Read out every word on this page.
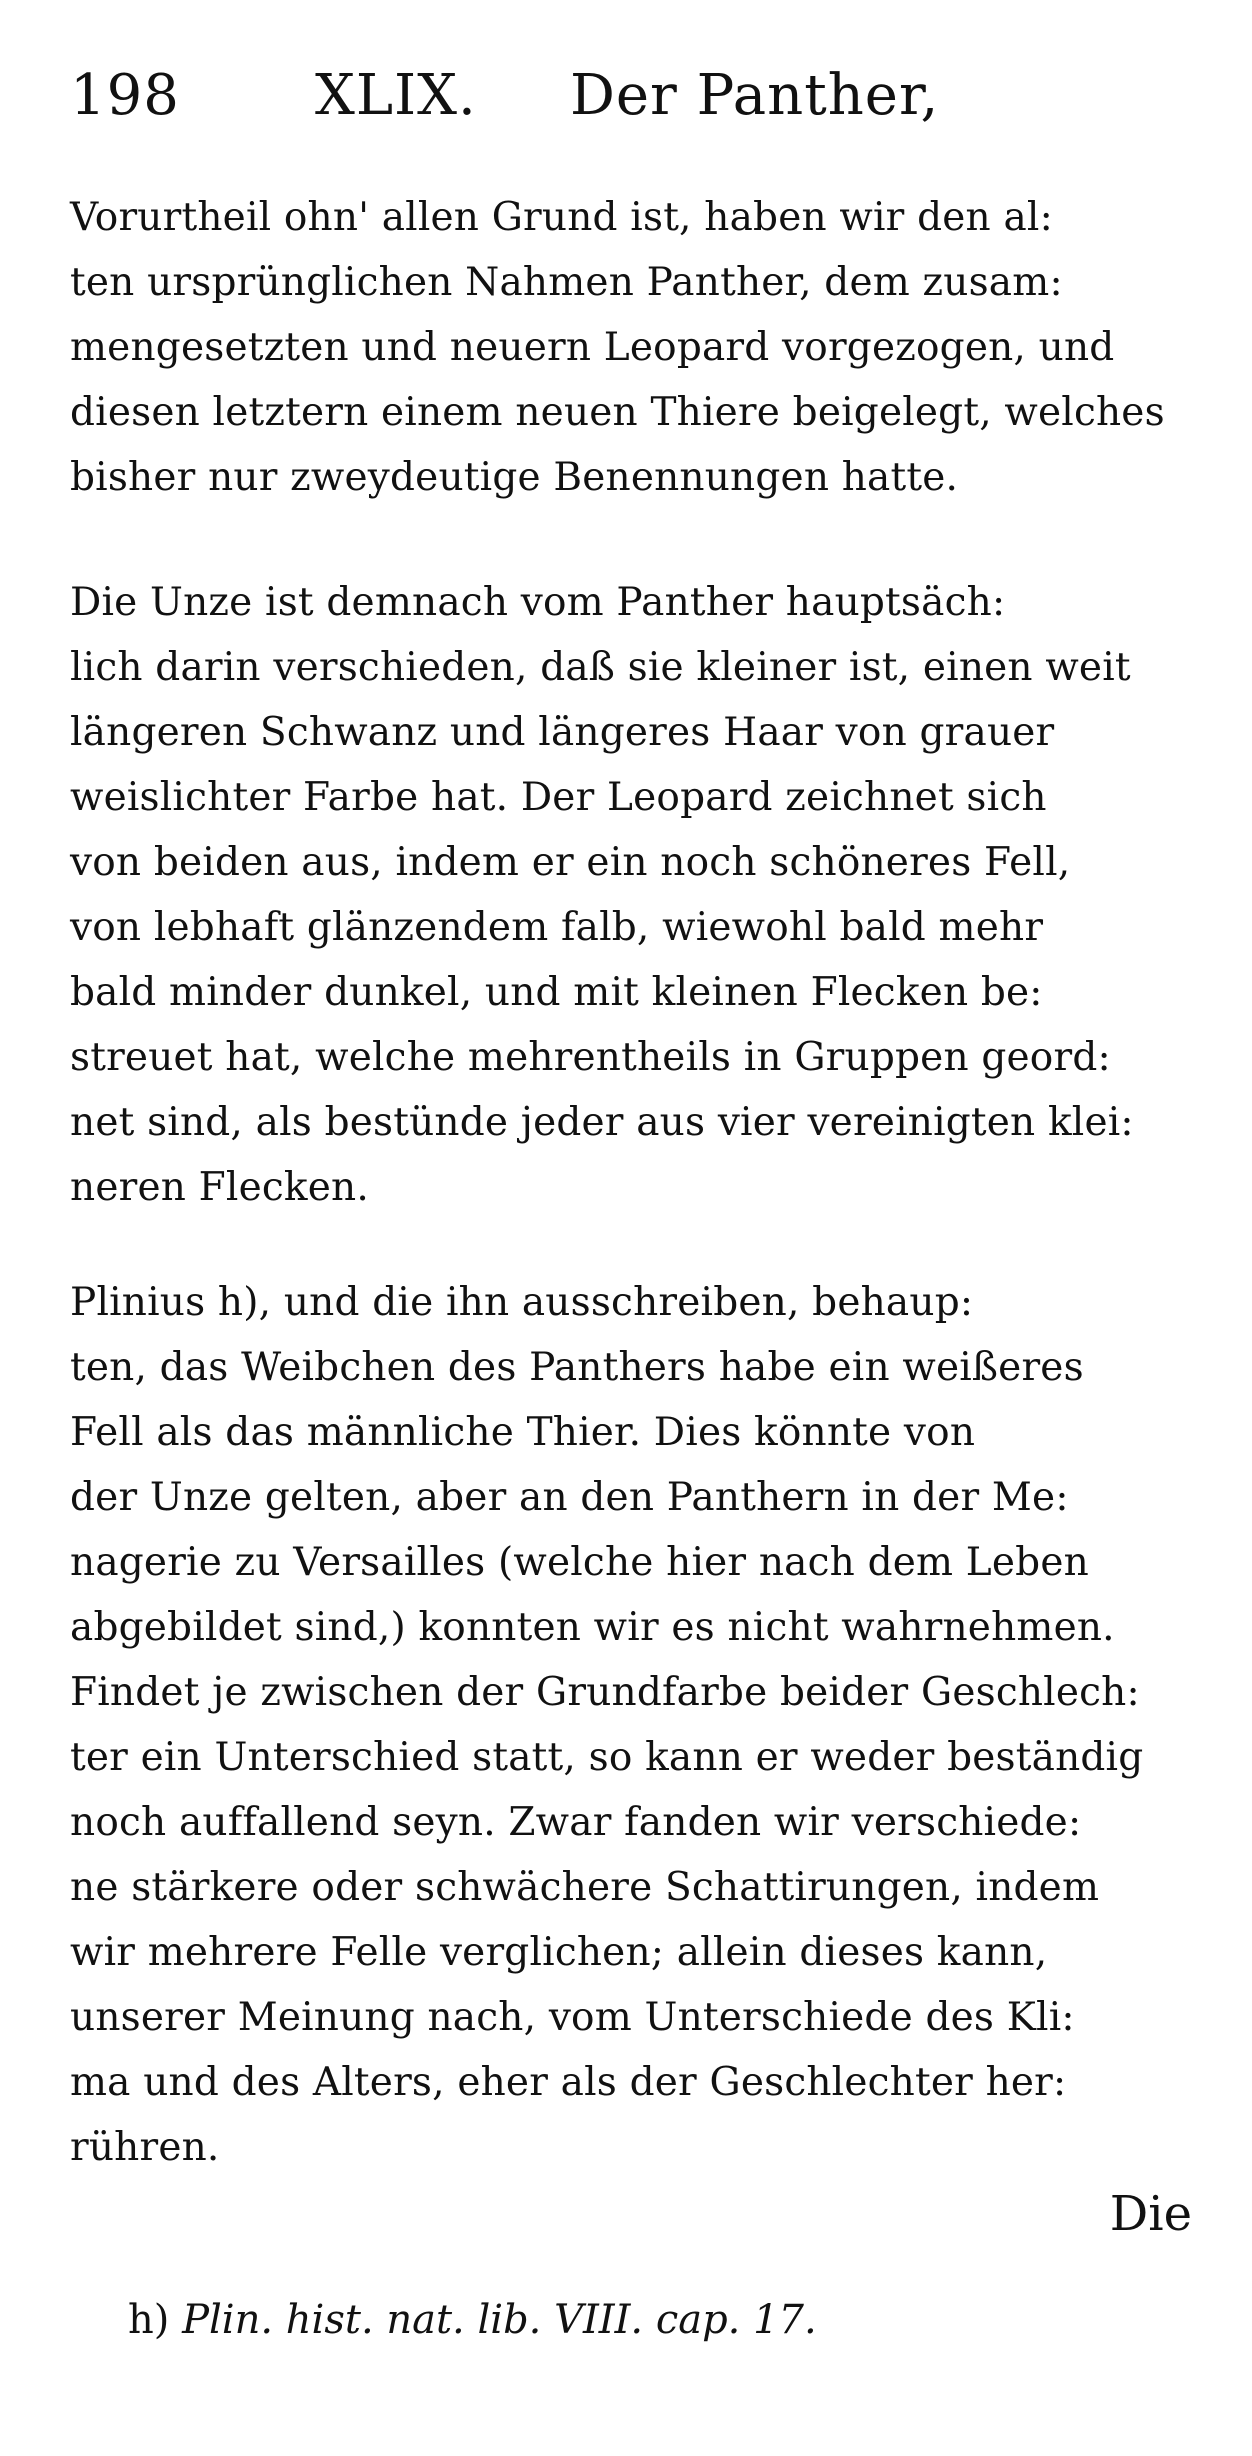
198 XLIX. Der Panther,

Vorurtheil ohn' allen Grund ist, haben wir den al:
ten ursprünglichen Nahmen Panther, dem zusam:
mengesetzten und neuern Leopard vorgezogen, und
diesen letztern einem neuen Thiere beigelegt, welches
bisher nur zweydeutige Benennungen hatte.

Die Unze ist demnach vom Panther hauptsäch:
lich darin verschieden, daß sie kleiner ist, einen weit
längeren Schwanz und längeres Haar von grauer
weislichter Farbe hat. Der Leopard zeichnet sich
von beiden aus, indem er ein noch schöneres Fell,
von lebhaft glänzendem falb, wiewohl bald mehr
bald minder dunkel, und mit kleinen Flecken be:
streuet hat, welche mehrentheils in Gruppen geord:
net sind, als bestünde jeder aus vier vereinigten klei:
neren Flecken.

Plinius h), und die ihn ausschreiben, behaup:
ten, das Weibchen des Panthers habe ein weißeres
Fell als das männliche Thier. Dies könnte von
der Unze gelten, aber an den Panthern in der Me:
nagerie zu Versailles (welche hier nach dem Leben
abgebildet sind,) konnten wir es nicht wahrnehmen.
Findet je zwischen der Grundfarbe beider Geschlech:
ter ein Unterschied statt, so kann er weder beständig
noch auffallend seyn. Zwar fanden wir verschiede:
ne stärkere oder schwächere Schattirungen, indem
wir mehrere Felle verglichen; allein dieses kann,
unserer Meinung nach, vom Unterschiede des Kli:
ma und des Alters, eher als der Geschlechter her:
rühren.

Die
h) Plin. hist. nat. lib. VIII. cap. 17.
